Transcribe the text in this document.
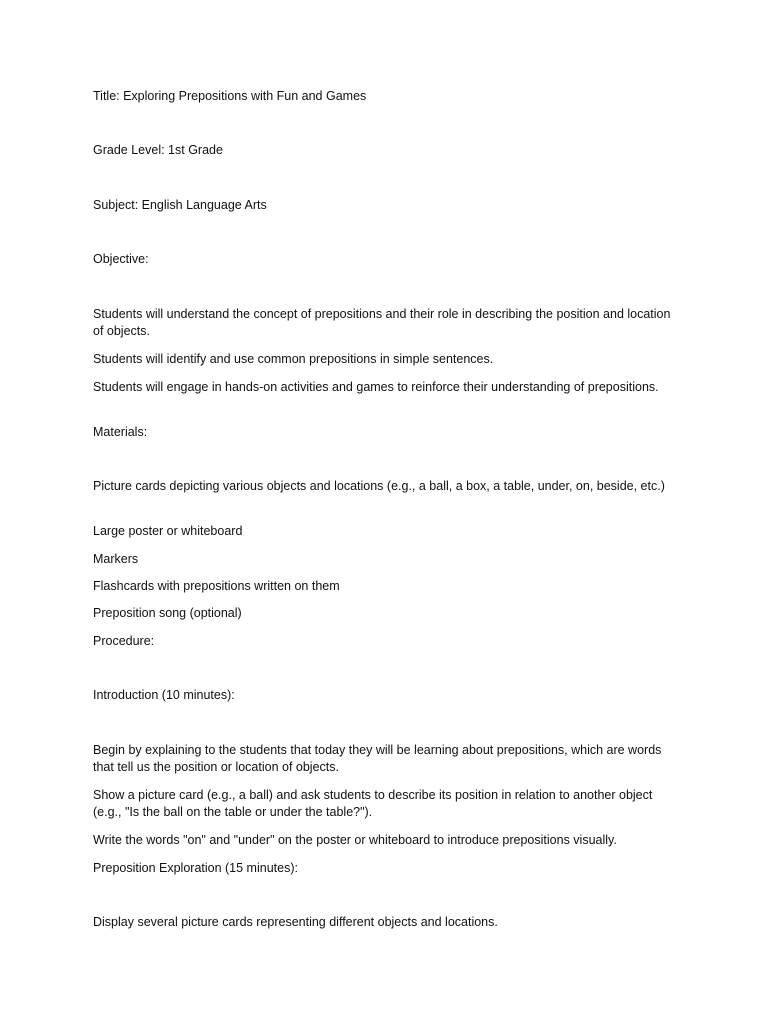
Title: Exploring Prepositions with Fun and Games
Grade Level: 1st Grade
Subject: English Language Arts
Objective:
Students will understand the concept of prepositions and their role in describing the position and location of objects.
Students will identify and use common prepositions in simple sentences.
Students will engage in hands-on activities and games to reinforce their understanding of prepositions.
Materials:
Picture cards depicting various objects and locations (e.g., a ball, a box, a table, under, on, beside, etc.)
Large poster or whiteboard
Markers
Flashcards with prepositions written on them
Preposition song (optional)
Procedure:
Introduction (10 minutes):
Begin by explaining to the students that today they will be learning about prepositions, which are words that tell us the position or location of objects.
Show a picture card (e.g., a ball) and ask students to describe its position in relation to another object (e.g., "Is the ball on the table or under the table?").
Write the words "on" and "under" on the poster or whiteboard to introduce prepositions visually.
Preposition Exploration (15 minutes):
Display several picture cards representing different objects and locations.
